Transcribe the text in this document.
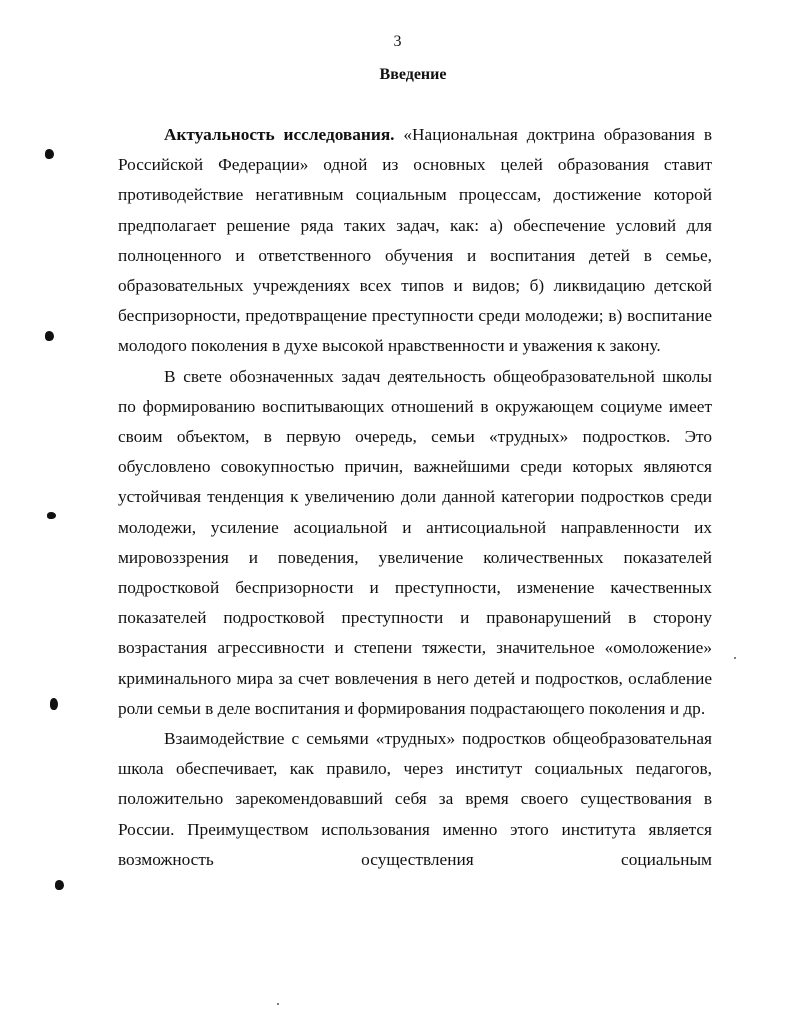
3
Введение

Актуальность исследования. «Национальная доктрина образования в Российской Федерации» одной из основных целей образования ставит противодействие негативным социальным процессам, достижение которой предполагает решение ряда таких задач, как: а) обеспечение условий для полноценного и ответственного обучения и воспитания детей в семье, образовательных учреждениях всех типов и видов; б) ликвидацию детской беспризорности, предотвращение преступности среди молодежи; в) воспитание молодого поколения в духе высокой нравственности и уважения к закону.

В свете обозначенных задач деятельность общеобразовательной школы по формированию воспитывающих отношений в окружающем социуме имеет своим объектом, в первую очередь, семьи «трудных» подростков. Это обусловлено совокупностью причин, важнейшими среди которых являются устойчивая тенденция к увеличению доли данной категории подростков среди молодежи, усиление асоциальной и антисоциальной направленности их мировоззрения и поведения, увеличение количественных показателей подростковой беспризорности и преступности, изменение качественных показателей подростковой преступности и правонарушений в сторону возрастания агрессивности и степени тяжести, значительное «омоложение» криминального мира за счет вовлечения в него детей и подростков, ослабление роли семьи в деле воспитания и формирования подрастающего поколения и др.

Взаимодействие с семьями «трудных» подростков общеобразовательная школа обеспечивает, как правило, через институт социальных педагогов, положительно зарекомендовавший себя за время своего существования в России. Преимуществом использования именно этого института является возможность осуществления социальным
